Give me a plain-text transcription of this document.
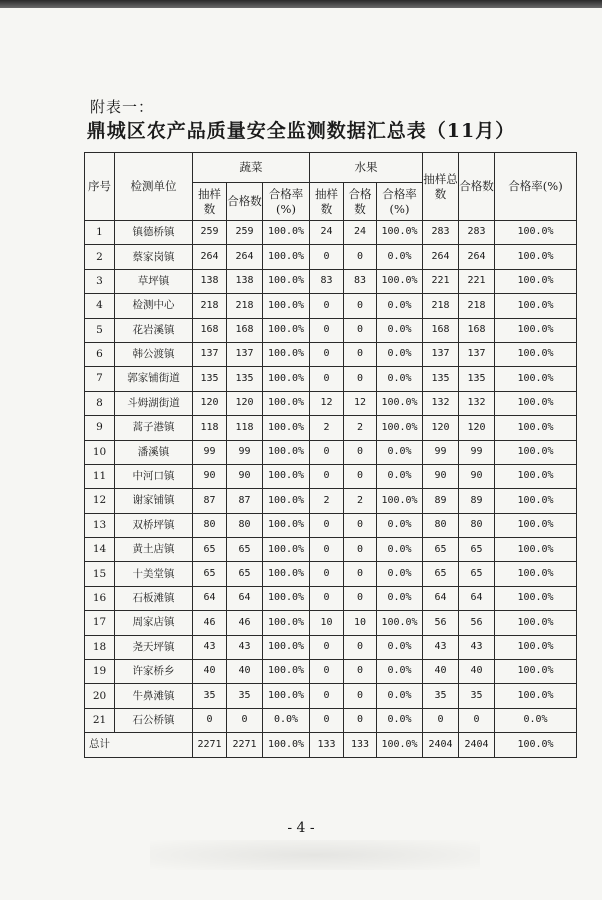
附表一：
鼎城区农产品质量安全监测数据汇总表（11月）
序号	检测单位	蔬菜			水果			抽样总数	合格数	合格率(%)
		抽样数	合格数	合格率(%)	抽样数	合格数	合格率(%)			
1	镇德桥镇	259	259	100.0%	24	24	100.0%	283	283	100.0%
2	蔡家岗镇	264	264	100.0%	0	0	0.0%	264	264	100.0%
3	草坪镇	138	138	100.0%	83	83	100.0%	221	221	100.0%
4	检测中心	218	218	100.0%	0	0	0.0%	218	218	100.0%
5	花岩溪镇	168	168	100.0%	0	0	0.0%	168	168	100.0%
6	韩公渡镇	137	137	100.0%	0	0	0.0%	137	137	100.0%
7	郭家铺街道	135	135	100.0%	0	0	0.0%	135	135	100.0%
8	斗姆湖街道	120	120	100.0%	12	12	100.0%	132	132	100.0%
9	蒿子港镇	118	118	100.0%	2	2	100.0%	120	120	100.0%
10	潘溪镇	99	99	100.0%	0	0	0.0%	99	99	100.0%
11	中河口镇	90	90	100.0%	0	0	0.0%	90	90	100.0%
12	谢家铺镇	87	87	100.0%	2	2	100.0%	89	89	100.0%
13	双桥坪镇	80	80	100.0%	0	0	0.0%	80	80	100.0%
14	黄土店镇	65	65	100.0%	0	0	0.0%	65	65	100.0%
15	十美堂镇	65	65	100.0%	0	0	0.0%	65	65	100.0%
16	石板滩镇	64	64	100.0%	0	0	0.0%	64	64	100.0%
17	周家店镇	46	46	100.0%	10	10	100.0%	56	56	100.0%
18	尧天坪镇	43	43	100.0%	0	0	0.0%	43	43	100.0%
19	许家桥乡	40	40	100.0%	0	0	0.0%	40	40	100.0%
20	牛鼻滩镇	35	35	100.0%	0	0	0.0%	35	35	100.0%
21	石公桥镇	0	0	0.0%	0	0	0.0%	0	0	0.0%
总计		2271	2271	100.0%	133	133	100.0%	2404	2404	100.0%
- 4 -
